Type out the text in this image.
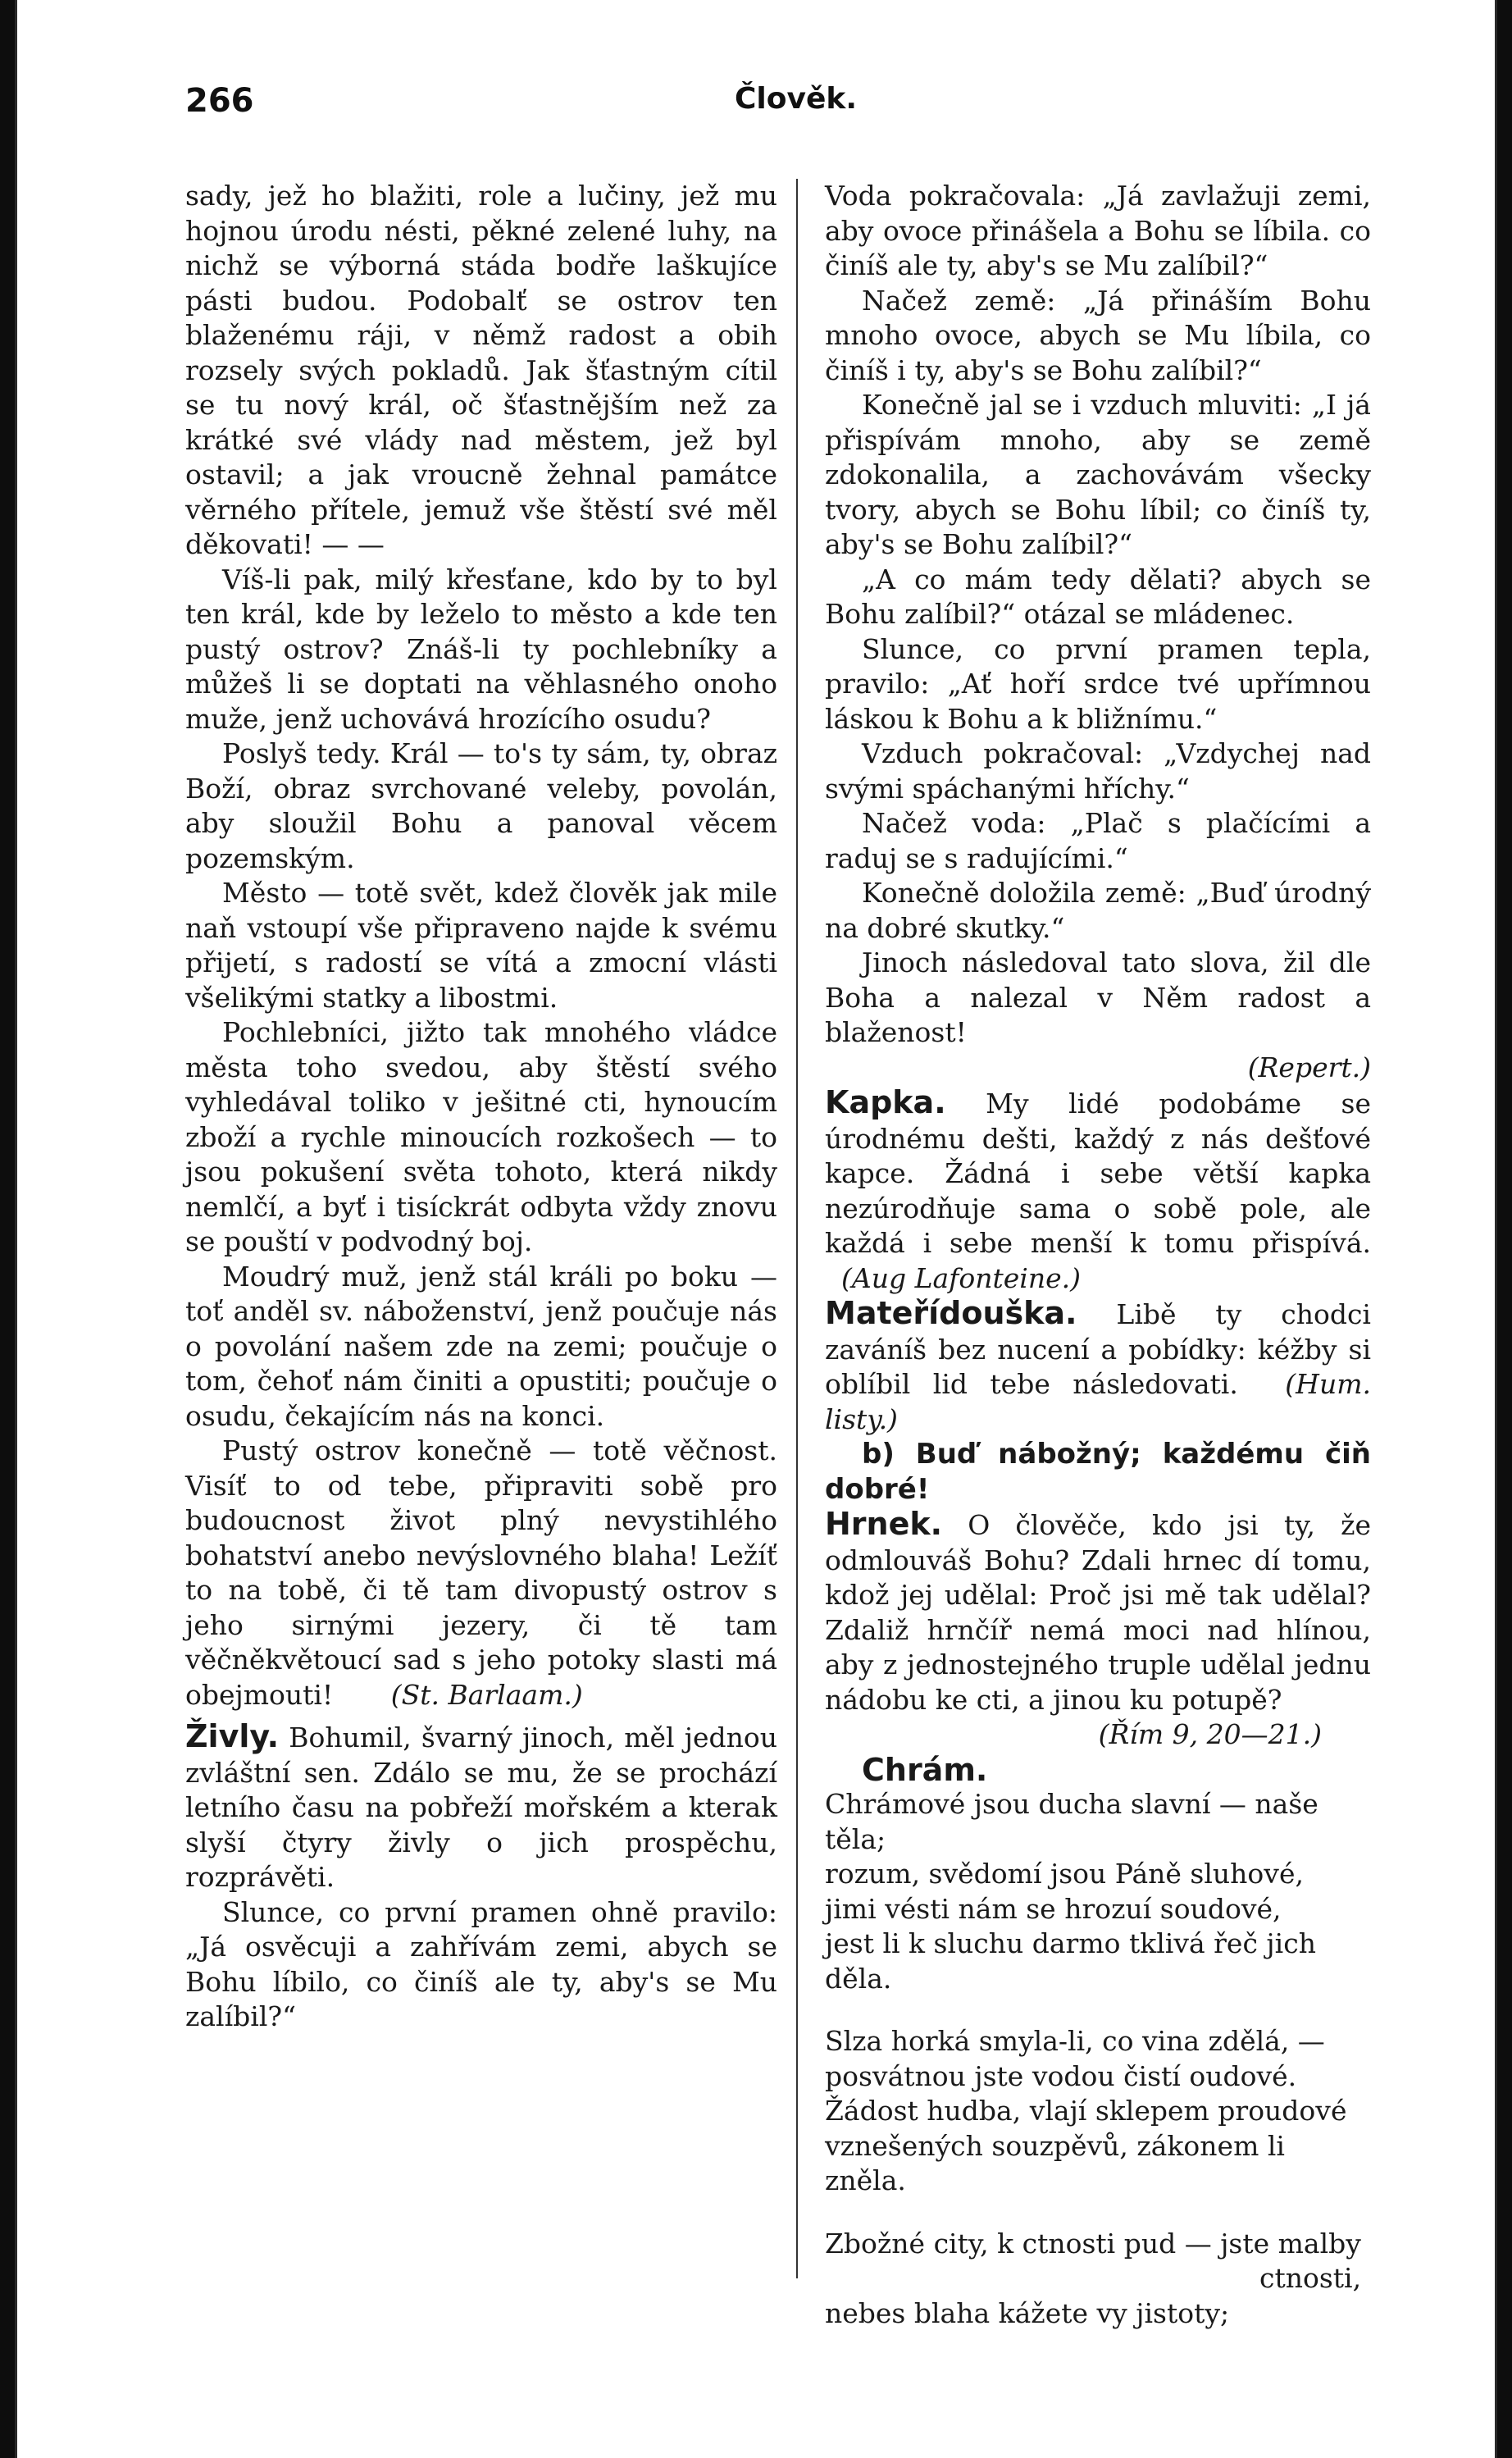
266	Člověk.

sady, jež ho blažiti, role a lučiny, jež mu hojnou úrodu nésti, pěkné zelené luhy, na nichž se výborná stáda bodře laškujíce pásti budou. Podobalť se ostrov ten blaženému ráji, v němž radost a obih rozsely svých pokladů. Jak šťastným cítil se tu nový král, oč šťastnějším než za krátké své vlády nad městem, jež byl ostavil; a jak vroucně žehnal památce věrného přítele, jemuž vše štěstí své měl děkovati! — —

Víš-li pak, milý křesťane, kdo by to byl ten král, kde by leželo to město a kde ten pustý ostrov? Znáš-li ty pochlebníky a můžeš li se doptati na věhlasného onoho muže, jenž uchovává hrozícího osudu?

Poslyš tedy. Král — to's ty sám, ty, obraz Boží, obraz svrchované veleby, povolán, aby sloužil Bohu a panoval věcem pozemským.

Město — totě svět, kdež člověk jak mile naň vstoupí vše připraveno najde k svému přijetí, s radostí se vítá a zmocní vlásti všelikými statky a libostmi.

Pochlebníci, jižto tak mnohého vládce města toho svedou, aby štěstí svého vyhledával toliko v ješitné cti, hynoucím zboží a rychle minoucích rozkošech — to jsou pokušení světa tohoto, která nikdy nemlčí, a byť i tisíckrát odbyta vždy znovu se pouští v podvodný boj.

Moudrý muž, jenž stál králi po boku — toť anděl sv. náboženství, jenž poučuje nás o povolání našem zde na zemi; poučuje o tom, čehoť nám činiti a opustiti; poučuje o osudu, čekajícím nás na konci.

Pustý ostrov konečně — totě věčnost. Visíť to od tebe, připraviti sobě pro budoucnost život plný nevystihlého bohatství anebo nevýslovného blaha! Ležíť to na tobě, či tě tam divopustý ostrov s jeho sirnými jezery, či tě tam věčněkvětoucí sad s jeho potoky slasti má obejmouti! (St. Barlaam.)

Živly. Bohumil, švarný jinoch, měl jednou zvláštní sen. Zdálo se mu, že se prochází letního času na pobřeží mořském a kterak slyší čtyry živly o jich prospěchu, rozprávěti.

Slunce, co první pramen ohně pravilo: „Já osvěcuji a zahřívám zemi, abych se Bohu líbilo, co činíš ale ty, aby's se Mu zalíbil?“

Voda pokračovala: „Já zavlažuji zemi, aby ovoce přinášela a Bohu se líbila. co činíš ale ty, aby's se Mu zalíbil?“

Načež země: „Já přináším Bohu mnoho ovoce, abych se Mu líbila, co činíš i ty, aby's se Bohu zalíbil?“

Konečně jal se i vzduch mluviti: „I já přispívám mnoho, aby se země zdokonalila, a zachovávám všecky tvory, abych se Bohu líbil; co činíš ty, aby's se Bohu zalíbil?“

„A co mám tedy dělati? abych se Bohu zalíbil?“ otázal se mládenec.

Slunce, co první pramen tepla, pravilo: „Ať hoří srdce tvé upřímnou láskou k Bohu a k bližnímu.“

Vzduch pokračoval: „Vzdychej nad svými spáchanými hříchy.“

Načež voda: „Plač s plačícími a raduj se s radujícími.“

Konečně doložila země: „Buď úrodný na dobré skutky.“

Jinoch následoval tato slova, žil dle Boha a nalezal v Něm radost a blaženost!

(Repert.)

Kapka. My lidé podobáme se úrodnému dešti, každý z nás dešťové kapce. Žádná i sebe větší kapka nezúrodňuje sama o sobě pole, ale každá i sebe menší k tomu přispívá. (Aug Lafonteine.)

Mateřídouška. Libě ty chodci zaváníš bez nucení a pobídky: kéžby si oblíbil lid tebe následovati. (Hum. listy.)

b) Buď nábožný; každému čiň dobré!

Hrnek. O člověče, kdo jsi ty, že odmlouváš Bohu? Zdali hrnec dí tomu, kdož jej udělal: Proč jsi mě tak udělal? Zdaliž hrnčíř nemá moci nad hlínou, aby z jednostejného truple udělal jednu nádobu ke cti, a jinou ku potupě?

(Řím 9, 20—21.)

Chrám.

Chrámové jsou ducha slavní — naše těla;
rozum, svědomí jsou Páně sluhové,
jimi vésti nám se hrozuí soudové,
jest li k sluchu darmo tklivá řeč jich děla.
Slza horká smyla-li, co vina zdělá, —
posvátnou jste vodou čistí oudové.
Žádost hudba, vlají sklepem proudové
vznešených souzpěvů, zákonem li zněla.
Zbožné city, k ctnosti pud — jste malby
ctnosti,
nebes blaha kážete vy jistoty;
